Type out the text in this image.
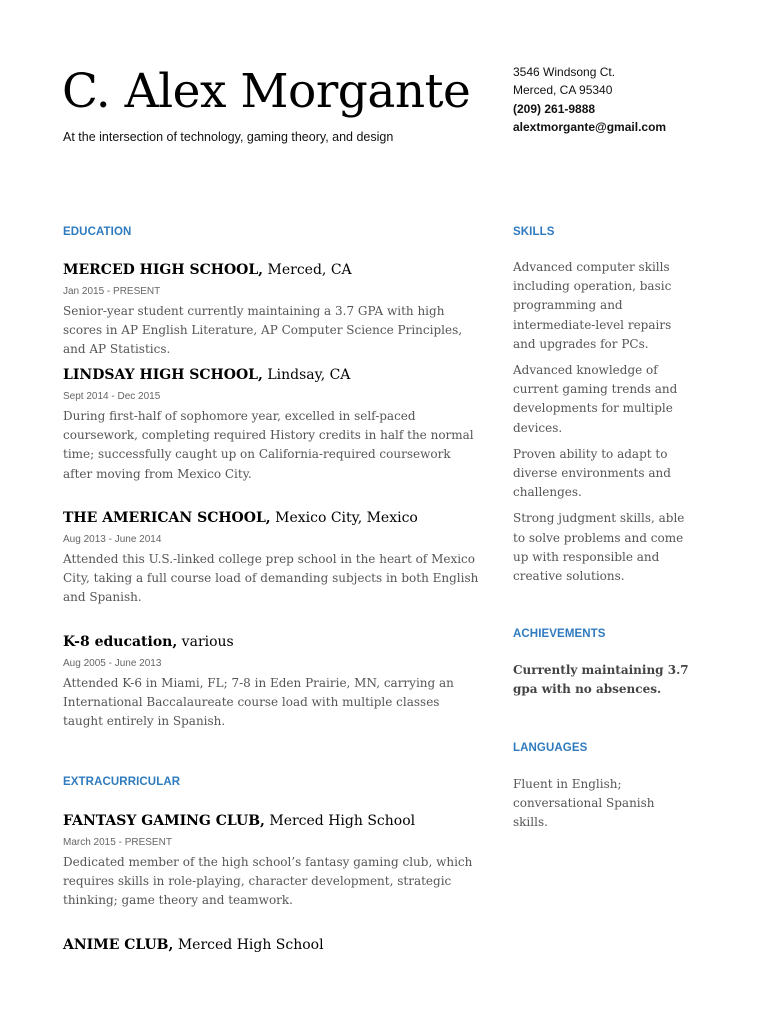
C. Alex Morgante
At the intersection of technology, gaming theory, and design
3546 Windsong Ct.
Merced, CA 95340
(209) 261-9888
alextmorgante@gmail.com
EDUCATION
MERCED HIGH SCHOOL, Merced, CA
Jan 2015 - PRESENT
Senior-year student currently maintaining a 3.7 GPA with high scores in AP English Literature, AP Computer Science Principles, and AP Statistics.
LINDSAY HIGH SCHOOL, Lindsay, CA
Sept 2014 - Dec 2015
During first-half of sophomore year, excelled in self-paced coursework, completing required History credits in half the normal time; successfully caught up on California-required coursework after moving from Mexico City.
THE AMERICAN SCHOOL, Mexico City, Mexico
Aug 2013 - June 2014
Attended this U.S.-linked college prep school in the heart of Mexico City, taking a full course load of demanding subjects in both English and Spanish.
K-8 education, various
Aug 2005 - June 2013
Attended K-6 in Miami, FL; 7-8 in Eden Prairie, MN, carrying an International Baccalaureate course load with multiple classes taught entirely in Spanish.
EXTRACURRICULAR
FANTASY GAMING CLUB, Merced High School
March 2015 - PRESENT
Dedicated member of the high school’s fantasy gaming club, which requires skills in role-playing, character development, strategic thinking; game theory and teamwork.
ANIME CLUB, Merced High School
SKILLS
Advanced computer skills including operation, basic programming and intermediate-level repairs and upgrades for PCs.
Advanced knowledge of current gaming trends and developments for multiple devices.
Proven ability to adapt to diverse environments and challenges.
Strong judgment skills, able to solve problems and come up with responsible and creative solutions.
ACHIEVEMENTS
Currently maintaining 3.7 gpa with no absences.
LANGUAGES
Fluent in English; conversational Spanish skills.
